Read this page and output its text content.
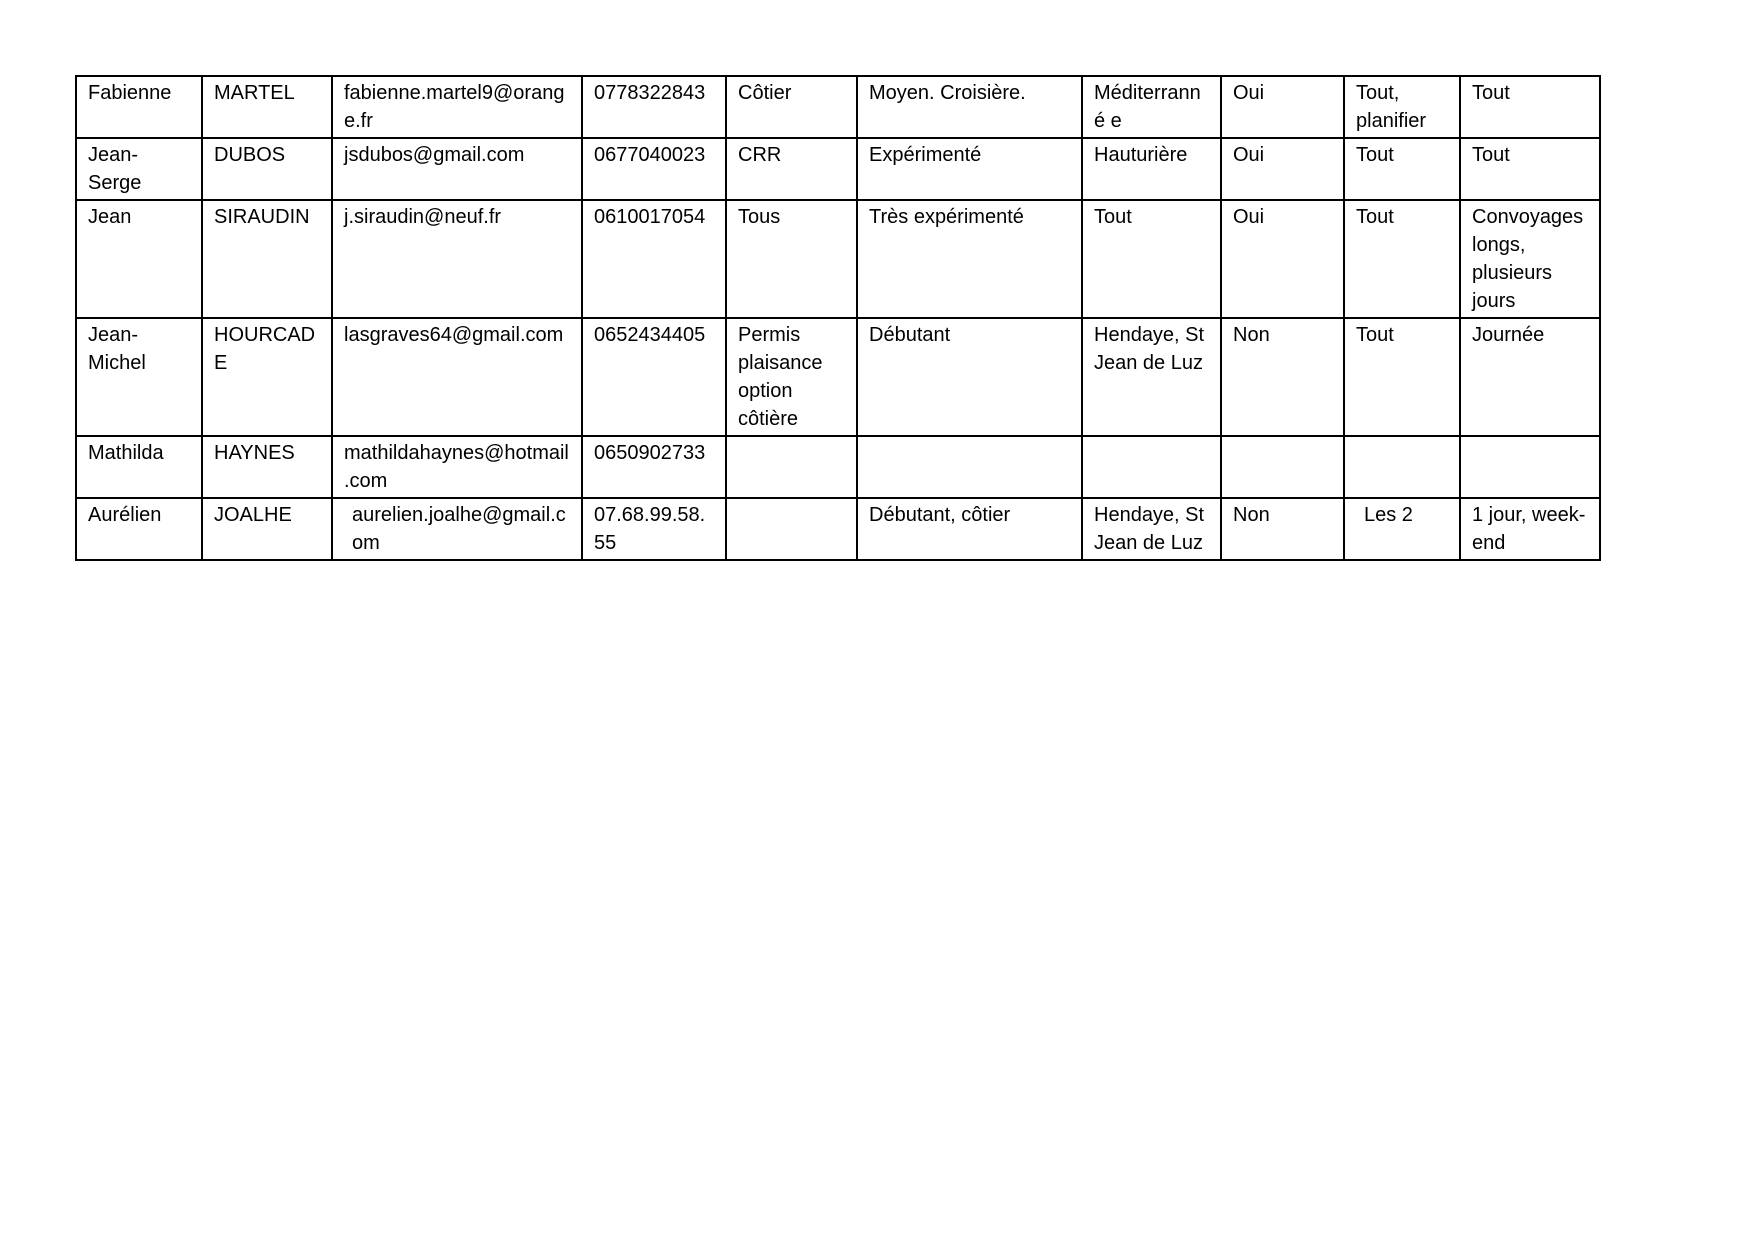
Fabienne	MARTEL	fabienne.martel9@orange.fr	0778322843	Côtier	Moyen. Croisière.	Méditerranné e	Oui	Tout, planifier	Tout
Jean-Serge	DUBOS	jsdubos@gmail.com	0677040023	CRR	Expérimenté	Hauturière	Oui	Tout	Tout
Jean	SIRAUDIN	j.siraudin@neuf.fr	0610017054	Tous	Très expérimenté	Tout	Oui	Tout	Convoyages longs, plusieurs jours
Jean-Michel	HOURCADE	lasgraves64@gmail.com	0652434405	Permis plaisance option côtière	Débutant	Hendaye, St Jean de Luz	Non	Tout	Journée
Mathilda	HAYNES	mathildahaynes@hotmail.com	0650902733						
Aurélien	JOALHE	aurelien.joalhe@gmail.com	07.68.99.58.55		Débutant, côtier	Hendaye, St Jean de Luz	Non	Les 2	1 jour, week-end
